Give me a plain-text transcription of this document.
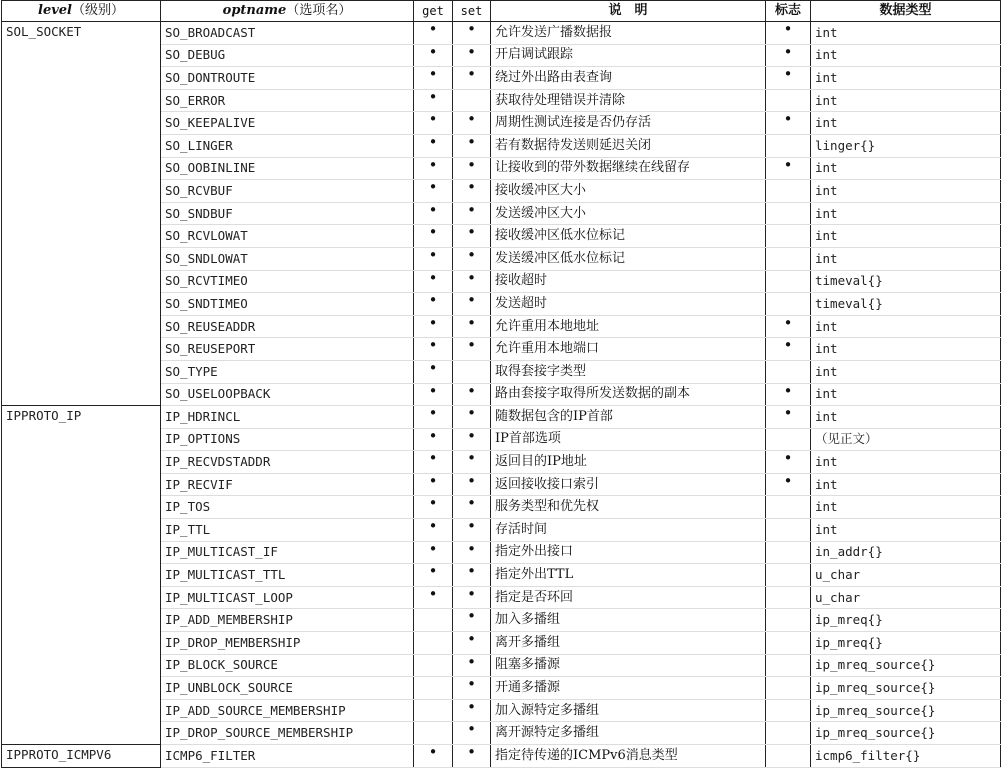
level（级别）	optname（选项名）	get	set	说　明	标志	数据类型
SOL_SOCKET	SO_BROADCAST	•	•	允许发送广播数据报	•	int
	SO_DEBUG	•	•	开启调试跟踪	•	int
	SO_DONTROUTE	•	•	绕过外出路由表查询	•	int
	SO_ERROR	•		获取待处理错误并清除		int
	SO_KEEPALIVE	•	•	周期性测试连接是否仍存活	•	int
	SO_LINGER	•	•	若有数据待发送则延迟关闭		linger{}
	SO_OOBINLINE	•	•	让接收到的带外数据继续在线留存	•	int
	SO_RCVBUF	•	•	接收缓冲区大小		int
	SO_SNDBUF	•	•	发送缓冲区大小		int
	SO_RCVLOWAT	•	•	接收缓冲区低水位标记		int
	SO_SNDLOWAT	•	•	发送缓冲区低水位标记		int
	SO_RCVTIMEO	•	•	接收超时		timeval{}
	SO_SNDTIMEO	•	•	发送超时		timeval{}
	SO_REUSEADDR	•	•	允许重用本地地址	•	int
	SO_REUSEPORT	•	•	允许重用本地端口	•	int
	SO_TYPE	•		取得套接字类型		int
	SO_USELOOPBACK	•	•	路由套接字取得所发送数据的副本	•	int
IPPROTO_IP	IP_HDRINCL	•	•	随数据包含的IP首部	•	int
	IP_OPTIONS	•	•	IP首部选项		（见正文）
	IP_RECVDSTADDR	•	•	返回目的IP地址	•	int
	IP_RECVIF	•	•	返回接收接口索引	•	int
	IP_TOS	•	•	服务类型和优先权		int
	IP_TTL	•	•	存活时间		int
	IP_MULTICAST_IF	•	•	指定外出接口		in_addr{}
	IP_MULTICAST_TTL	•	•	指定外出TTL		u_char
	IP_MULTICAST_LOOP	•	•	指定是否环回		u_char
	IP_ADD_MEMBERSHIP		•	加入多播组		ip_mreq{}
	IP_DROP_MEMBERSHIP		•	离开多播组		ip_mreq{}
	IP_BLOCK_SOURCE		•	阻塞多播源		ip_mreq_source{}
	IP_UNBLOCK_SOURCE		•	开通多播源		ip_mreq_source{}
	IP_ADD_SOURCE_MEMBERSHIP		•	加入源特定多播组		ip_mreq_source{}
	IP_DROP_SOURCE_MEMBERSHIP		•	离开源特定多播组		ip_mreq_source{}
IPPROTO_ICMPV6	ICMP6_FILTER	•	•	指定待传递的ICMPv6消息类型		icmp6_filter{}
